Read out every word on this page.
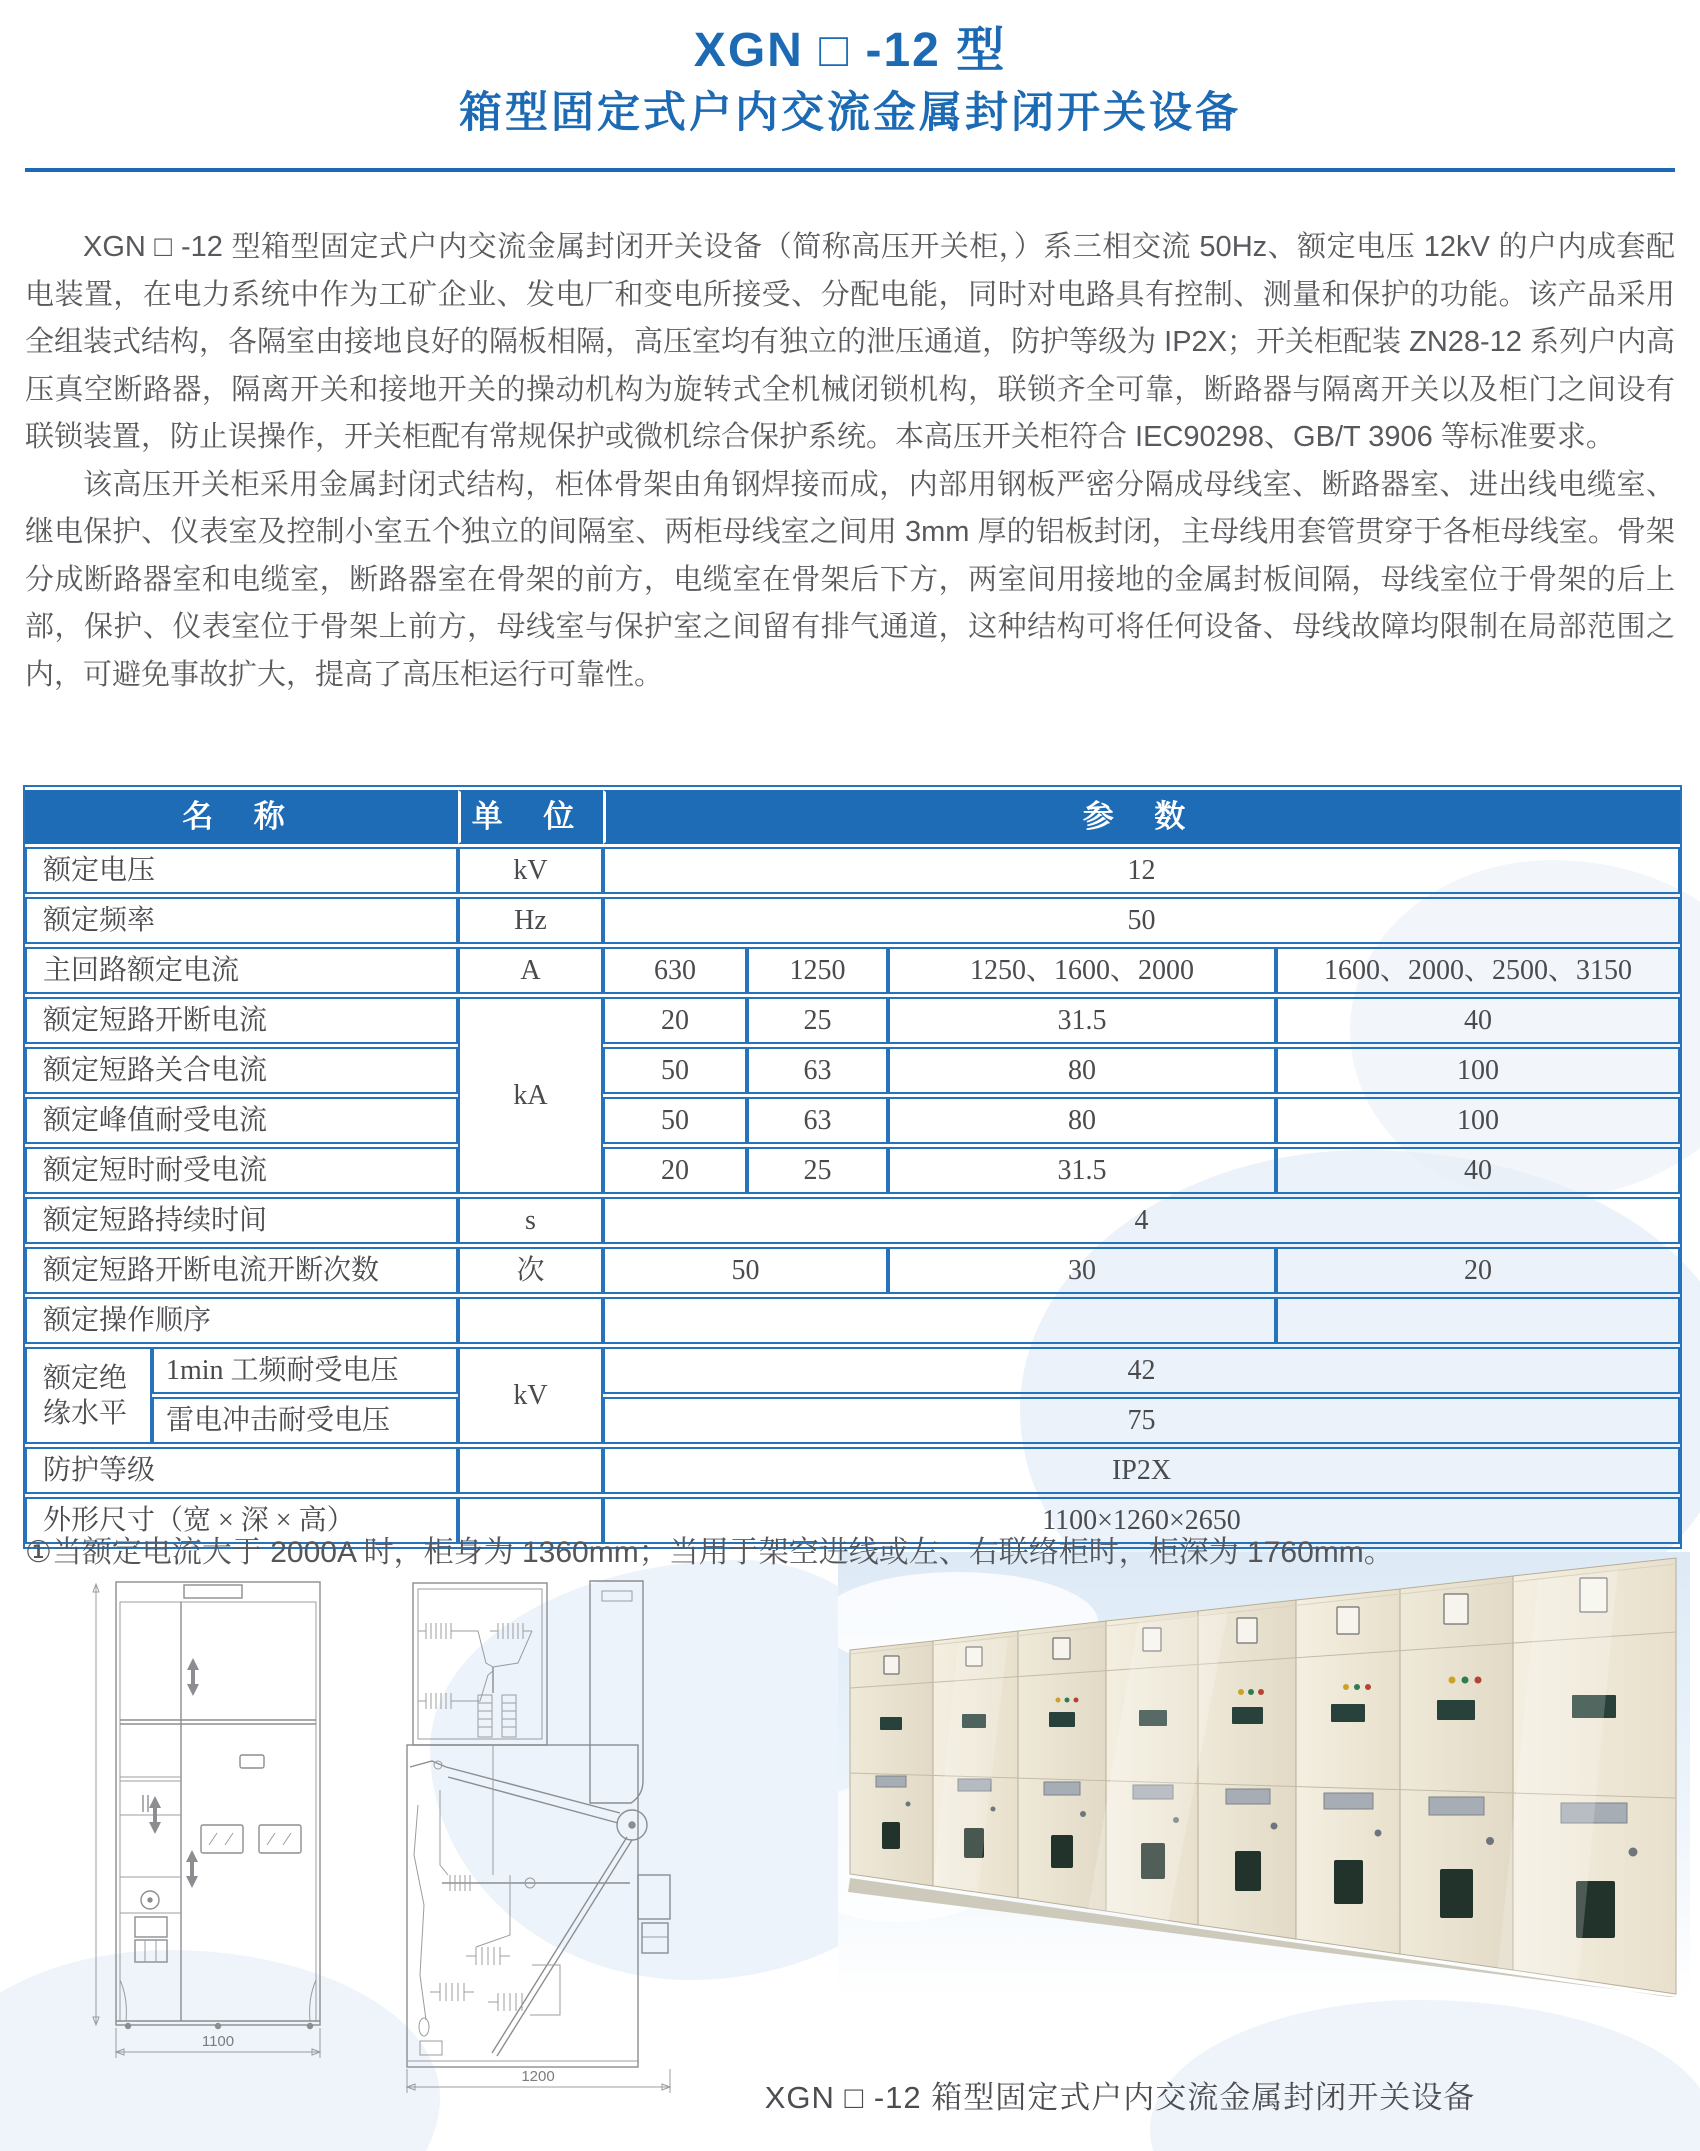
XGN □ -12 型
箱型固定式户内交流金属封闭开关设备

XGN □ -12 型箱型固定式户内交流金属封闭开关设备（简称高压开关柜，）系三相交流 50Hz、额定电压 12kV 的户内成套配电装置，在电力系统中作为工矿企业、发电厂和变电所接受、分配电能，同时对电路具有控制、测量和保护的功能。该产品采用全组装式结构，各隔室由接地良好的隔板相隔，高压室均有独立的泄压通道，防护等级为 IP2X；开关柜配装 ZN28-12 系列户内高压真空断路器，隔离开关和接地开关的操动机构为旋转式全机械闭锁机构，联锁齐全可靠，断路器与隔离开关以及柜门之间设有联锁装置，防止误操作，开关柜配有常规保护或微机综合保护系统。本高压开关柜符合 IEC90298、GB/T 3906 等标准要求。

该高压开关柜采用金属封闭式结构，柜体骨架由角钢焊接而成，内部用钢板严密分隔成母线室、断路器室、进出线电缆室、继电保护、仪表室及控制小室五个独立的间隔室、两柜母线室之间用 3mm 厚的铝板封闭，主母线用套管贯穿于各柜母线室。骨架分成断路器室和电缆室，断路器室在骨架的前方，电缆室在骨架后下方，两室间用接地的金属封板间隔，母线室位于骨架的后上部，保护、仪表室位于骨架上前方，母线室与保护室之间留有排气通道，这种结构可将任何设备、母线故障均限制在局部范围之内，可避免事故扩大，提高了高压柜运行可靠性。

名 称		单 位	参 数			
额定电压		kV	12			
额定频率		Hz	50			
主回路额定电流		A	630	1250	1250、1600、2000	1600、2000、2500、3150
额定短路开断电流		kA	20	25	31.5	40
额定短路关合电流			50	63	80	100
额定峰值耐受电流			50	63	80	100
额定短时耐受电流			20	25	31.5	40
额定短路持续时间		s	4			
额定短路开断电流开断次数		次	50		30	20
额定操作顺序						
额定绝缘水平	1min 工频耐受电压	kV	42			
	雷电冲击耐受电压		75			
防护等级			IP2X			
外形尺寸（宽 × 深 × 高）			1100×1260×2650			
①当额定电流大于 2000A 时，柜身为 1360mm；当用于架空进线或左、右联络柜时，柜深为 1760mm。
1100
1200
XGN □ -12 箱型固定式户内交流金属封闭开关设备
